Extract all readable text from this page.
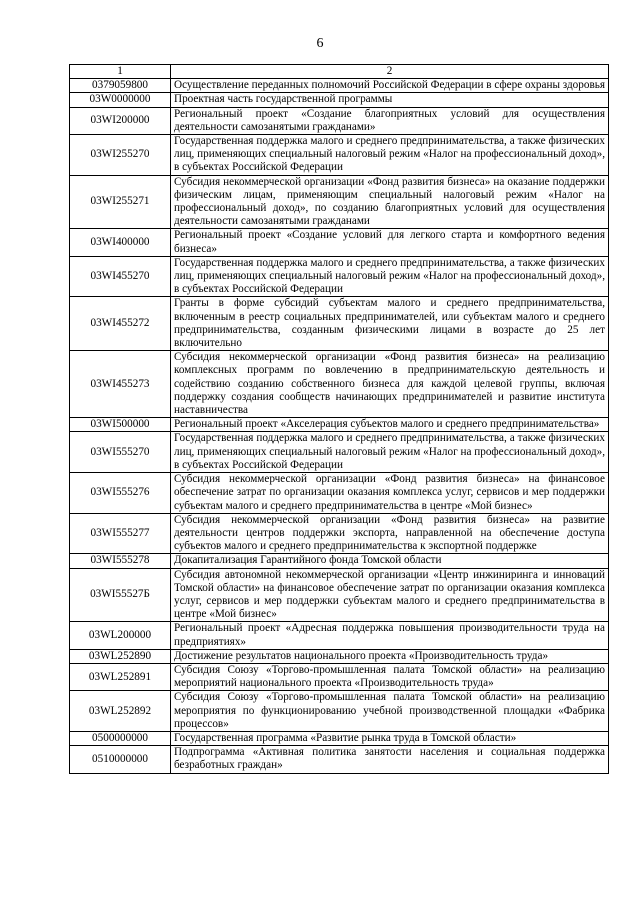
6
1	2
0379059800	Осуществление переданных полномочий Российской Федерации в сфере охраны здоровья
03W0000000	Проектная часть государственной программы
03WI200000	Региональный проект «Создание благоприятных условий для осуществления деятельности самозанятыми гражданами»
03WI255270	Государственная поддержка малого и среднего предпринимательства, а также физических лиц, применяющих специальный налоговый режим «Налог на профессиональный доход», в субъектах Российской Федерации
03WI255271	Субсидия некоммерческой организации «Фонд развития бизнеса» на оказание поддержки физическим лицам, применяющим специальный налоговый режим «Налог на профессиональный доход», по созданию благоприятных условий для осуществления деятельности самозанятыми гражданами
03WI400000	Региональный проект «Создание условий для легкого старта и комфортного ведения бизнеса»
03WI455270	Государственная поддержка малого и среднего предпринимательства, а также физических лиц, применяющих специальный налоговый режим «Налог на профессиональный доход», в субъектах Российской Федерации
03WI455272	Гранты в форме субсидий субъектам малого и среднего предпринимательства, включенным в реестр социальных предпринимателей, или субъектам малого и среднего предпринимательства, созданным физическими лицами в возрасте до 25 лет включительно
03WI455273	Субсидия некоммерческой организации «Фонд развития бизнеса» на реализацию комплексных программ по вовлечению в предпринимательскую деятельность и содействию созданию собственного бизнеса для каждой целевой группы, включая поддержку создания сообществ начинающих предпринимателей и развитие института наставничества
03WI500000	Региональный проект «Акселерация субъектов малого и среднего предпринимательства»
03WI555270	Государственная поддержка малого и среднего предпринимательства, а также физических лиц, применяющих специальный налоговый режим «Налог на профессиональный доход», в субъектах Российской Федерации
03WI555276	Субсидия некоммерческой организации «Фонд развития бизнеса» на финансовое обеспечение затрат по организации оказания комплекса услуг, сервисов и мер поддержки субъектам малого и среднего предпринимательства в центре «Мой бизнес»
03WI555277	Субсидия некоммерческой организации «Фонд развития бизнеса» на развитие деятельности центров поддержки экспорта, направленной на обеспечение доступа субъектов малого и среднего предпринимательства к экспортной поддержке
03WI555278	Докапитализация Гарантийного фонда Томской области
03WI55527Б	Субсидия автономной некоммерческой организации «Центр инжиниринга и инноваций Томской области» на финансовое обеспечение затрат по организации оказания комплекса услуг, сервисов и мер поддержки субъектам малого и среднего предпринимательства в центре «Мой бизнес»
03WL200000	Региональный проект «Адресная поддержка повышения производительности труда на предприятиях»
03WL252890	Достижение результатов национального проекта «Производительность труда»
03WL252891	Субсидия Союзу «Торгово-промышленная палата Томской области» на реализацию мероприятий национального проекта «Производительность труда»
03WL252892	Субсидия Союзу «Торгово-промышленная палата Томской области» на реализацию мероприятия по функционированию учебной производственной площадки «Фабрика процессов»
0500000000	Государственная программа «Развитие рынка труда в Томской области»
0510000000	Подпрограмма «Активная политика занятости населения и социальная поддержка безработных граждан»
